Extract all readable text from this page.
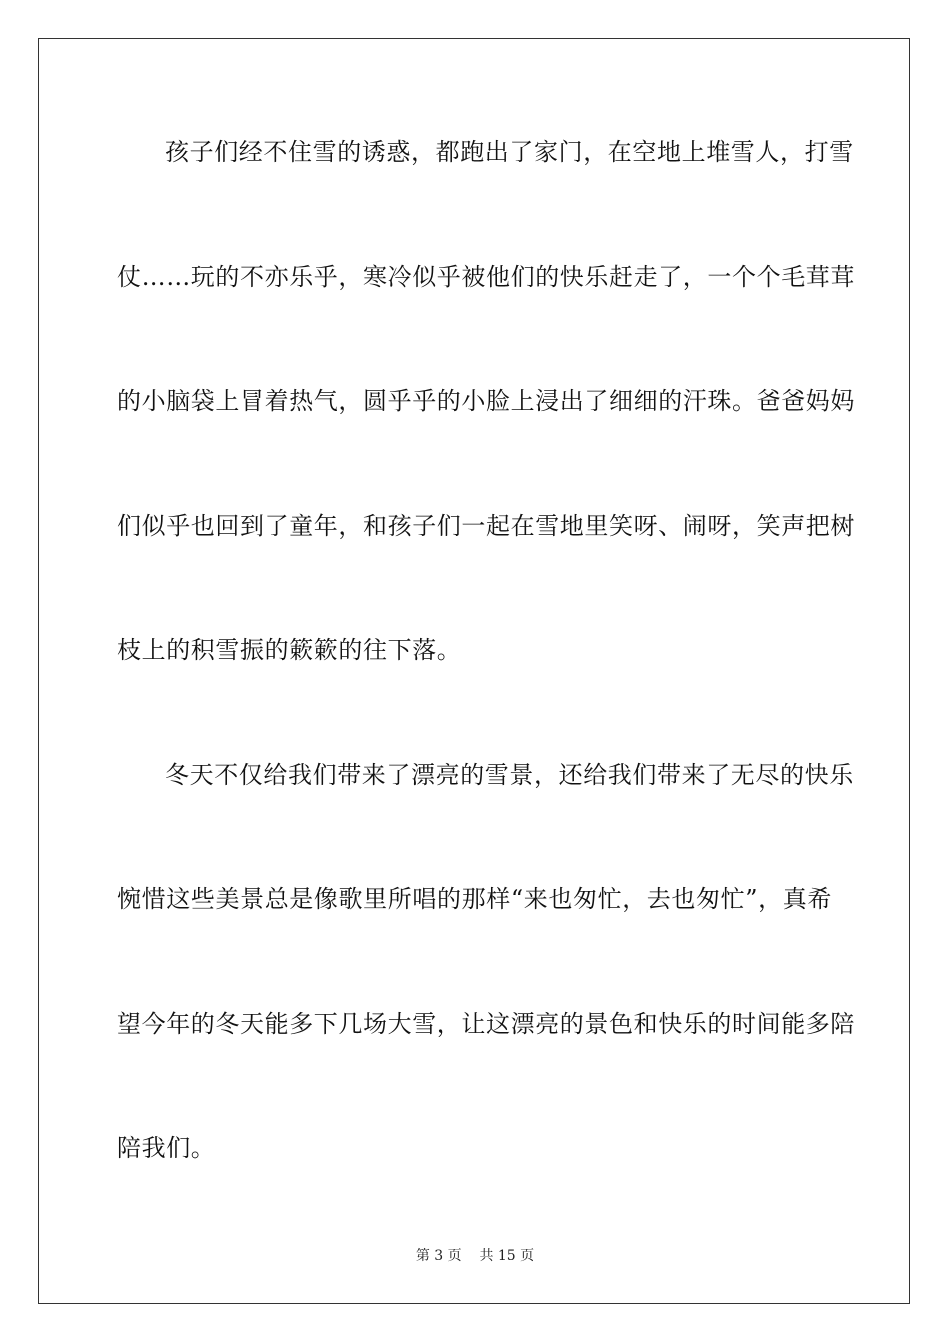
孩子们经不住雪的诱惑，都跑出了家门，在空地上堆雪人，打雪
仗……玩的不亦乐乎，寒冷似乎被他们的快乐赶走了，一个个毛茸茸
的小脑袋上冒着热气，圆乎乎的小脸上浸出了细细的汗珠。爸爸妈妈
们似乎也回到了童年，和孩子们一起在雪地里笑呀、闹呀，笑声把树
枝上的积雪振的簌簌的往下落。
冬天不仅给我们带来了漂亮的雪景，还给我们带来了无尽的快乐
惋惜这些美景总是像歌里所唱的那样“来也匆忙，去也匆忙”，真希
望今年的冬天能多下几场大雪，让这漂亮的景色和快乐的时间能多陪
陪我们。
第 3 页 共 15 页
